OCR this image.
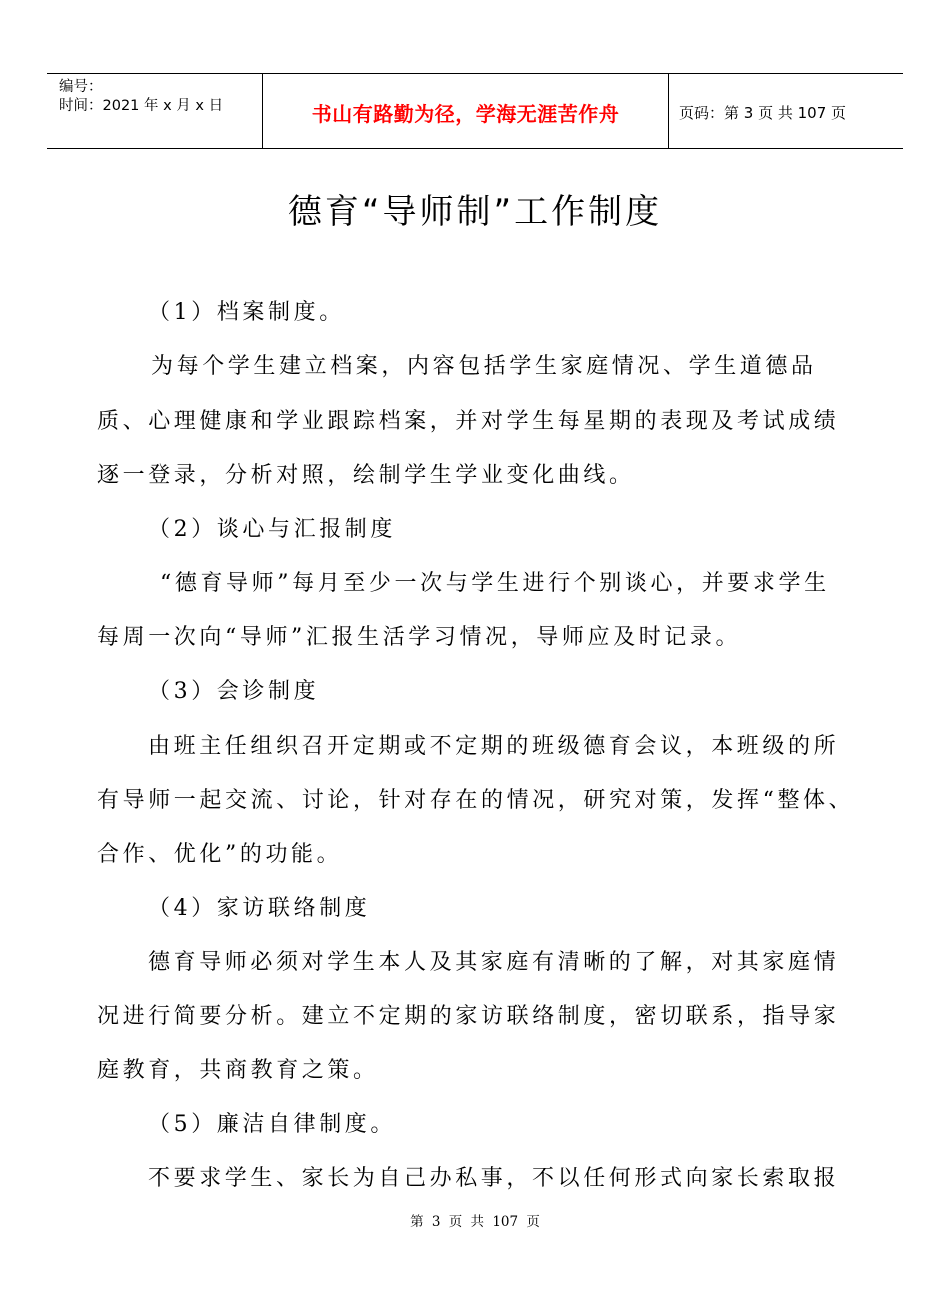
编号：
时间：2021 年 x 月 x 日	书山有路勤为径，学海无涯苦作舟	页码：第 3 页 共 107 页
德育“导师制”工作制度
（1）档案制度。
为每个学生建立档案，内容包括学生家庭情况、学生道德品
质、心理健康和学业跟踪档案，并对学生每星期的表现及考试成绩
逐一登录，分析对照，绘制学生学业变化曲线。
（2）谈心与汇报制度
“德育导师”每月至少一次与学生进行个别谈心，并要求学生
每周一次向“导师”汇报生活学习情况，导师应及时记录。
（3）会诊制度
由班主任组织召开定期或不定期的班级德育会议，本班级的所
有导师一起交流、讨论，针对存在的情况，研究对策，发挥“整体、
合作、优化”的功能。
（4）家访联络制度
德育导师必须对学生本人及其家庭有清晰的了解，对其家庭情
况进行简要分析。建立不定期的家访联络制度，密切联系，指导家
庭教育，共商教育之策。
（5）廉洁自律制度。
不要求学生、家长为自己办私事，不以任何形式向家长索取报
第 3 页 共 107 页
